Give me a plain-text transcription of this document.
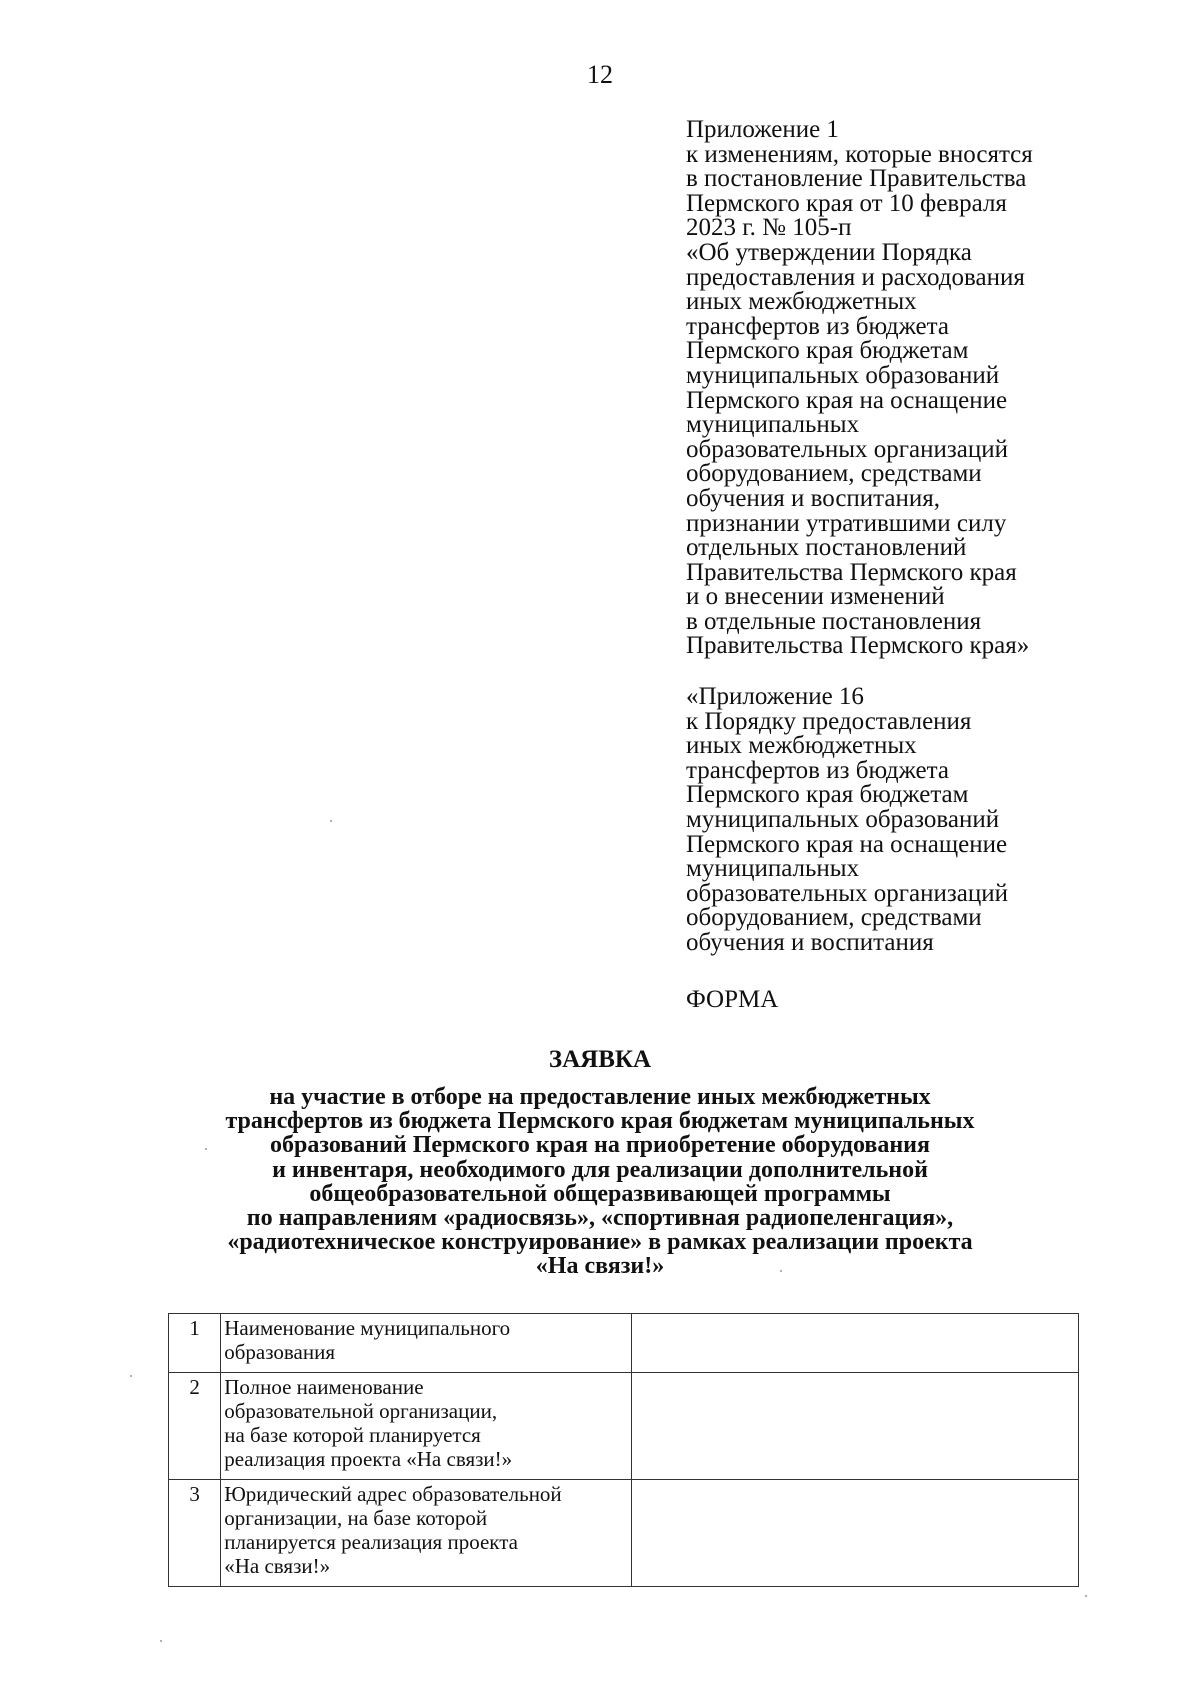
12
Приложение 1
к изменениям, которые вносятся
в постановление Правительства
Пермского края от 10 февраля
2023 г. № 105-п
«Об утверждении Порядка
предоставления и расходования
иных межбюджетных
трансфертов из бюджета
Пермского края бюджетам
муниципальных образований
Пермского края на оснащение
муниципальных
образовательных организаций
оборудованием, средствами
обучения и воспитания,
признании утратившими силу
отдельных постановлений
Правительства Пермского края
и о внесении изменений
в отдельные постановления
Правительства Пермского края»
«Приложение 16
к Порядку предоставления
иных межбюджетных
трансфертов из бюджета
Пермского края бюджетам
муниципальных образований
Пермского края на оснащение
муниципальных
образовательных организаций
оборудованием, средствами
обучения и воспитания
ФОРМА
ЗАЯВКА
на участие в отборе на предоставление иных межбюджетных
трансфертов из бюджета Пермского края бюджетам муниципальных
образований Пермского края на приобретение оборудования
и инвентаря, необходимого для реализации дополнительной
общеобразовательной общеразвивающей программы
по направлениям «радиосвязь», «спортивная радиопеленгация»,
«радиотехническое конструирование» в рамках реализации проекта
«На связи!»
1	Наименование муниципального
образования	

2	Полное наименование
образовательной организации,
на базе которой планируется
реализация проекта «На связи!»	

3	Юридический адрес образовательной
организации, на базе которой
планируется реализация проекта
«На связи!»	
